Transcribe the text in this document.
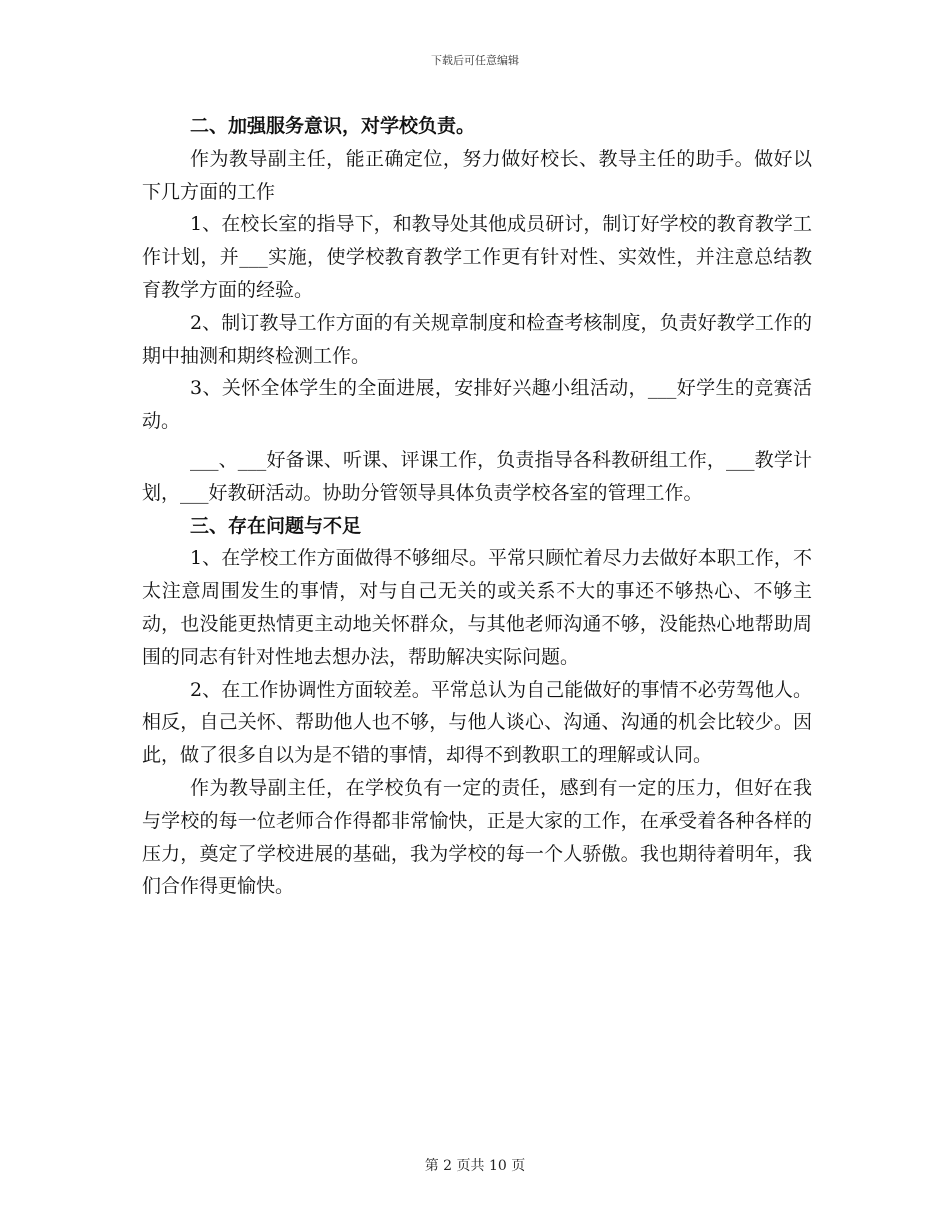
下载后可任意编辑

二、加强服务意识，对学校负责。

作为教导副主任，能正确定位，努力做好校长、教导主任的助手。做好以下几方面的工作

1、在校长室的指导下，和教导处其他成员研讨，制订好学校的教育教学工作计划，并___实施，使学校教育教学工作更有针对性、实效性，并注意总结教育教学方面的经验。

2、制订教导工作方面的有关规章制度和检查考核制度，负责好教学工作的期中抽测和期终检测工作。

3、关怀全体学生的全面进展，安排好兴趣小组活动，___好学生的竞赛活动。

___、___好备课、听课、评课工作，负责指导各科教研组工作，___教学计划，___好教研活动。协助分管领导具体负责学校各室的管理工作。

三、存在问题与不足

1、在学校工作方面做得不够细尽。平常只顾忙着尽力去做好本职工作，不太注意周围发生的事情，对与自己无关的或关系不大的事还不够热心、不够主动，也没能更热情更主动地关怀群众，与其他老师沟通不够，没能热心地帮助周围的同志有针对性地去想办法，帮助解决实际问题。

2、在工作协调性方面较差。平常总认为自己能做好的事情不必劳驾他人。相反，自己关怀、帮助他人也不够，与他人谈心、沟通、沟通的机会比较少。因此，做了很多自以为是不错的事情，却得不到教职工的理解或认同。

作为教导副主任，在学校负有一定的责任，感到有一定的压力，但好在我与学校的每一位老师合作得都非常愉快，正是大家的工作，在承受着各种各样的压力，奠定了学校进展的基础，我为学校的每一个人骄傲。我也期待着明年，我们合作得更愉快。

第 2 页共 10 页
